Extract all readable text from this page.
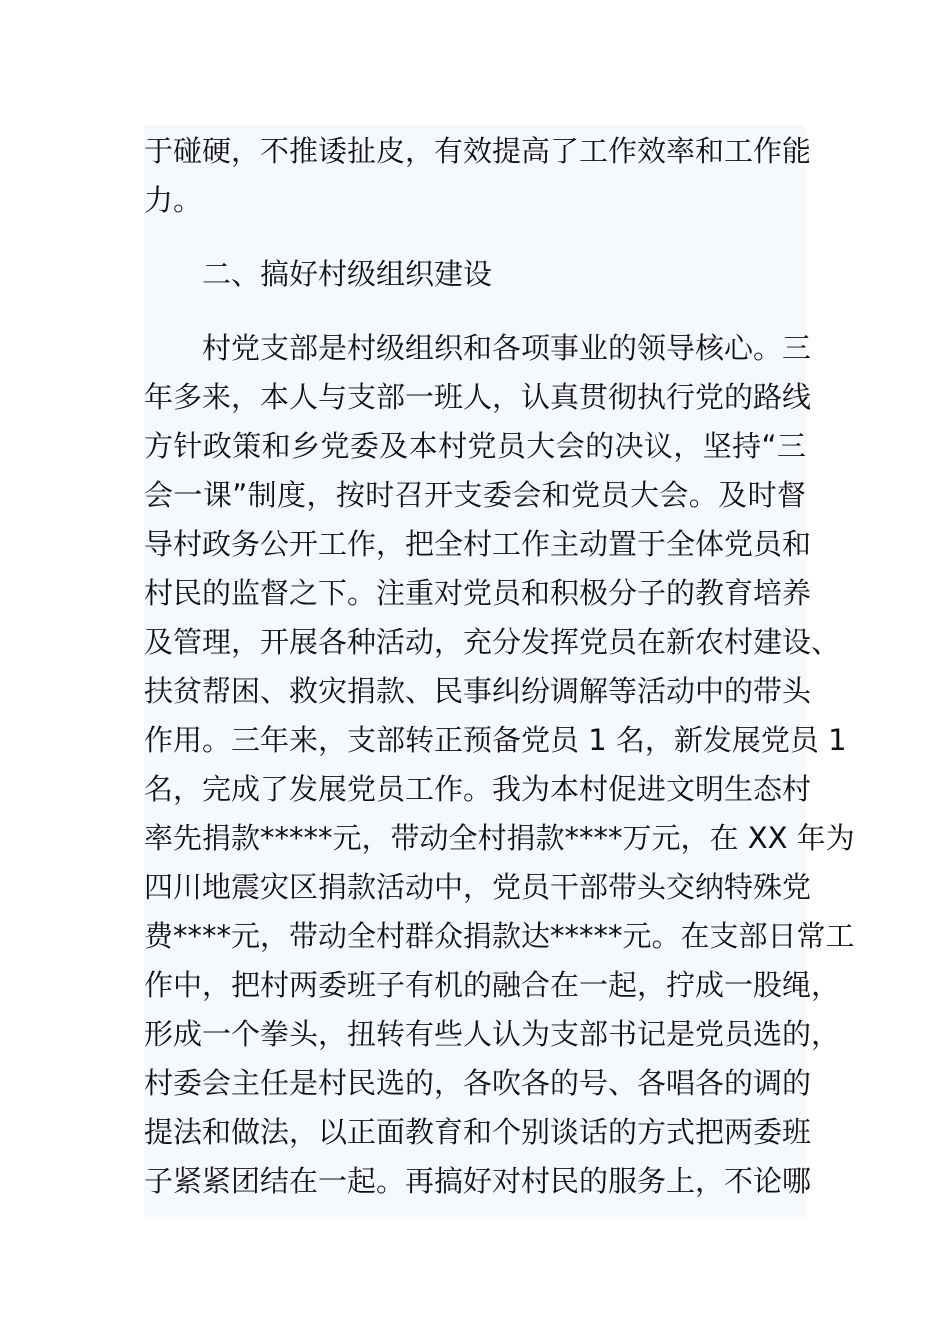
于碰硬，不推诿扯皮，有效提高了工作效率和工作能
力。
二、搞好村级组织建设
村党支部是村级组织和各项事业的领导核心。三
年多来，本人与支部一班人，认真贯彻执行党的路线
方针政策和乡党委及本村党员大会的决议，坚持“三
会一课”制度，按时召开支委会和党员大会。及时督
导村政务公开工作，把全村工作主动置于全体党员和
村民的监督之下。注重对党员和积极分子的教育培养
及管理，开展各种活动，充分发挥党员在新农村建设、
扶贫帮困、救灾捐款、民事纠纷调解等活动中的带头
作用。三年来，支部转正预备党员 1 名，新发展党员 1
名，完成了发展党员工作。我为本村促进文明生态村
率先捐款*****元，带动全村捐款****万元，在 XX 年为
四川地震灾区捐款活动中，党员干部带头交纳特殊党
费****元，带动全村群众捐款达*****元。在支部日常工
作中，把村两委班子有机的融合在一起，拧成一股绳，
形成一个拳头，扭转有些人认为支部书记是党员选的，
村委会主任是村民选的，各吹各的号、各唱各的调的
提法和做法，以正面教育和个别谈话的方式把两委班
子紧紧团结在一起。再搞好对村民的服务上，不论哪
